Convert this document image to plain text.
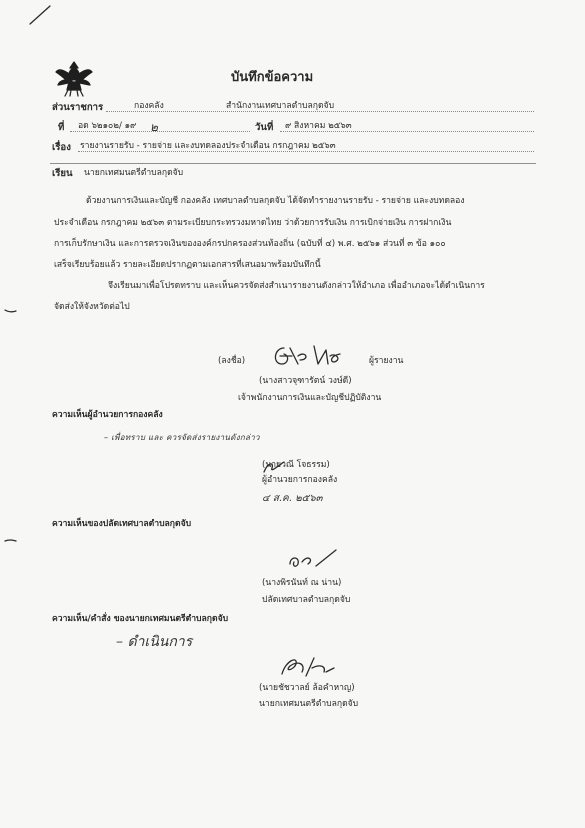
บันทึกข้อความ
ส่วนราชการ	กองคลัง	สำนักงานเทศบาลตำบลกุดจับ
ที่ อด ๖๒๑๐๒/ ๑๙ ๒	วันที่ ๙ สิงหาคม ๒๕๖๓
เรื่อง รายงานรายรับ - รายจ่าย และงบทดลองประจำเดือน กรกฎาคม ๒๕๖๓
เรียน นายกเทศมนตรีตำบลกุดจับ
ด้วยงานการเงินและบัญชี กองคลัง เทศบาลตำบลกุดจับ ได้จัดทำรายงานรายรับ - รายจ่าย และงบทดลอง
ประจำเดือน กรกฎาคม ๒๕๖๓ ตามระเบียบกระทรวงมหาดไทย ว่าด้วยการรับเงิน การเบิกจ่ายเงิน การฝากเงิน
การเก็บรักษาเงิน และการตรวจเงินขององค์กรปกครองส่วนท้องถิ่น (ฉบับที่ ๔) พ.ศ. ๒๕๖๑ ส่วนที่ ๓ ข้อ ๑๐๐
เสร็จเรียบร้อยแล้ว รายละเอียดปรากฏตามเอกสารที่เสนอมาพร้อมบันทึกนี้
จึงเรียนมาเพื่อโปรดทราบ และเห็นควรจัดส่งสำเนารายงานดังกล่าวให้อำเภอ เพื่ออำเภอจะได้ดำเนินการ
จัดส่งให้จังหวัดต่อไป
(ลงชื่อ)	ผู้รายงาน
(นางสาวจุฑารัตน์ วงษ์ดี)
เจ้าพนักงานการเงินและบัญชีปฏิบัติงาน
ความเห็นผู้อำนวยการกองคลัง
– เพื่อทราบ และ ควรจัดส่งรายงานดังกล่าว
(นายวณี โจธรรม)
ผู้อำนวยการกองคลัง
๔ ส.ค. ๒๕๖๓
ความเห็นของปลัดเทศบาลตำบลกุดจับ
(นางพิรนันท์ ณ น่าน)
ปลัดเทศบาลตำบลกุดจับ
ความเห็น/คำสั่ง ของนายกเทศมนตรีตำบลกุดจับ
– ดำเนินการ
(นายชัชวาลย์ ล้อคำหาญ)
นายกเทศมนตรีตำบลกุดจับ
